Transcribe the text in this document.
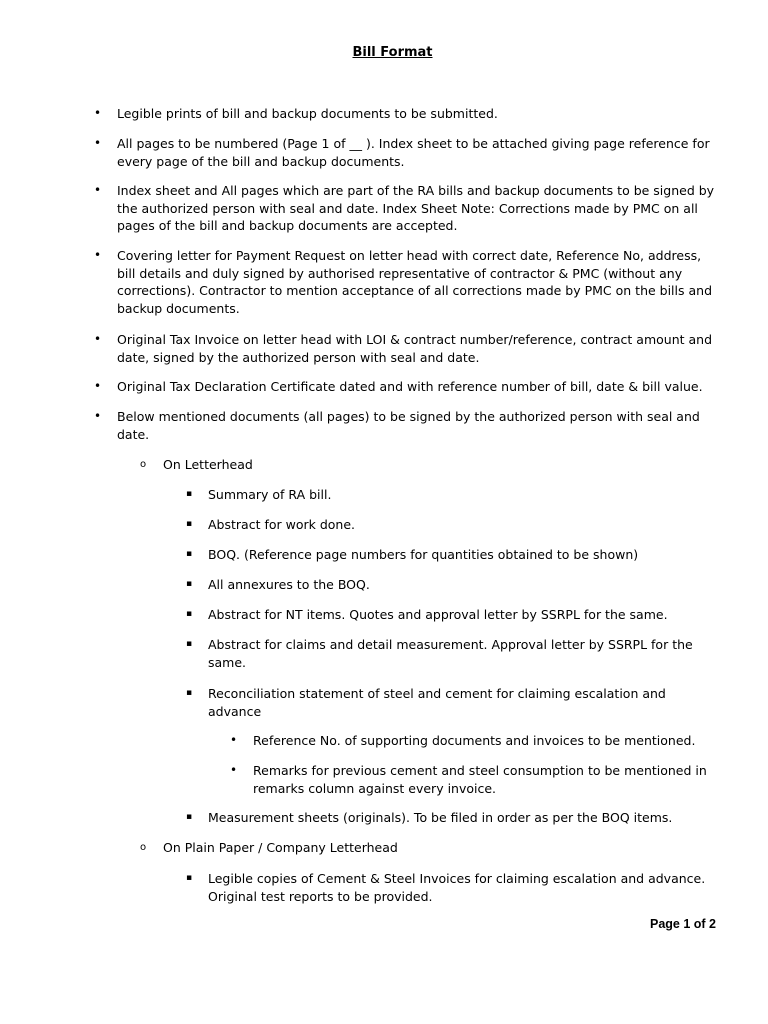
Bill Format
• Legible prints of bill and backup documents to be submitted.
• All pages to be numbered (Page 1 of __ ). Index sheet to be attached giving page reference for every page of the bill and backup documents.
• Index sheet and All pages which are part of the RA bills and backup documents to be signed by the authorized person with seal and date. Index Sheet Note: Corrections made by PMC on all pages of the bill and backup documents are accepted.
• Covering letter for Payment Request on letter head with correct date, Reference No, address, bill details and duly signed by authorised representative of contractor & PMC (without any corrections). Contractor to mention acceptance of all corrections made by PMC on the bills and backup documents.
• Original Tax Invoice on letter head with LOI & contract number/reference, contract amount and date, signed by the authorized person with seal and date.
• Original Tax Declaration Certificate dated and with reference number of bill, date & bill value.
• Below mentioned documents (all pages) to be signed by the authorized person with seal and date.
o On Letterhead
▪ Summary of RA bill.
▪ Abstract for work done.
▪ BOQ. (Reference page numbers for quantities obtained to be shown)
▪ All annexures to the BOQ.
▪ Abstract for NT items. Quotes and approval letter by SSRPL for the same.
▪ Abstract for claims and detail measurement. Approval letter by SSRPL for the same.
▪ Reconciliation statement of steel and cement for claiming escalation and advance
• Reference No. of supporting documents and invoices to be mentioned.
• Remarks for previous cement and steel consumption to be mentioned in remarks column against every invoice.
▪ Measurement sheets (originals). To be filed in order as per the BOQ items.
o On Plain Paper / Company Letterhead
▪ Legible copies of Cement & Steel Invoices for claiming escalation and advance. Original test reports to be provided.
Page 1 of 2
